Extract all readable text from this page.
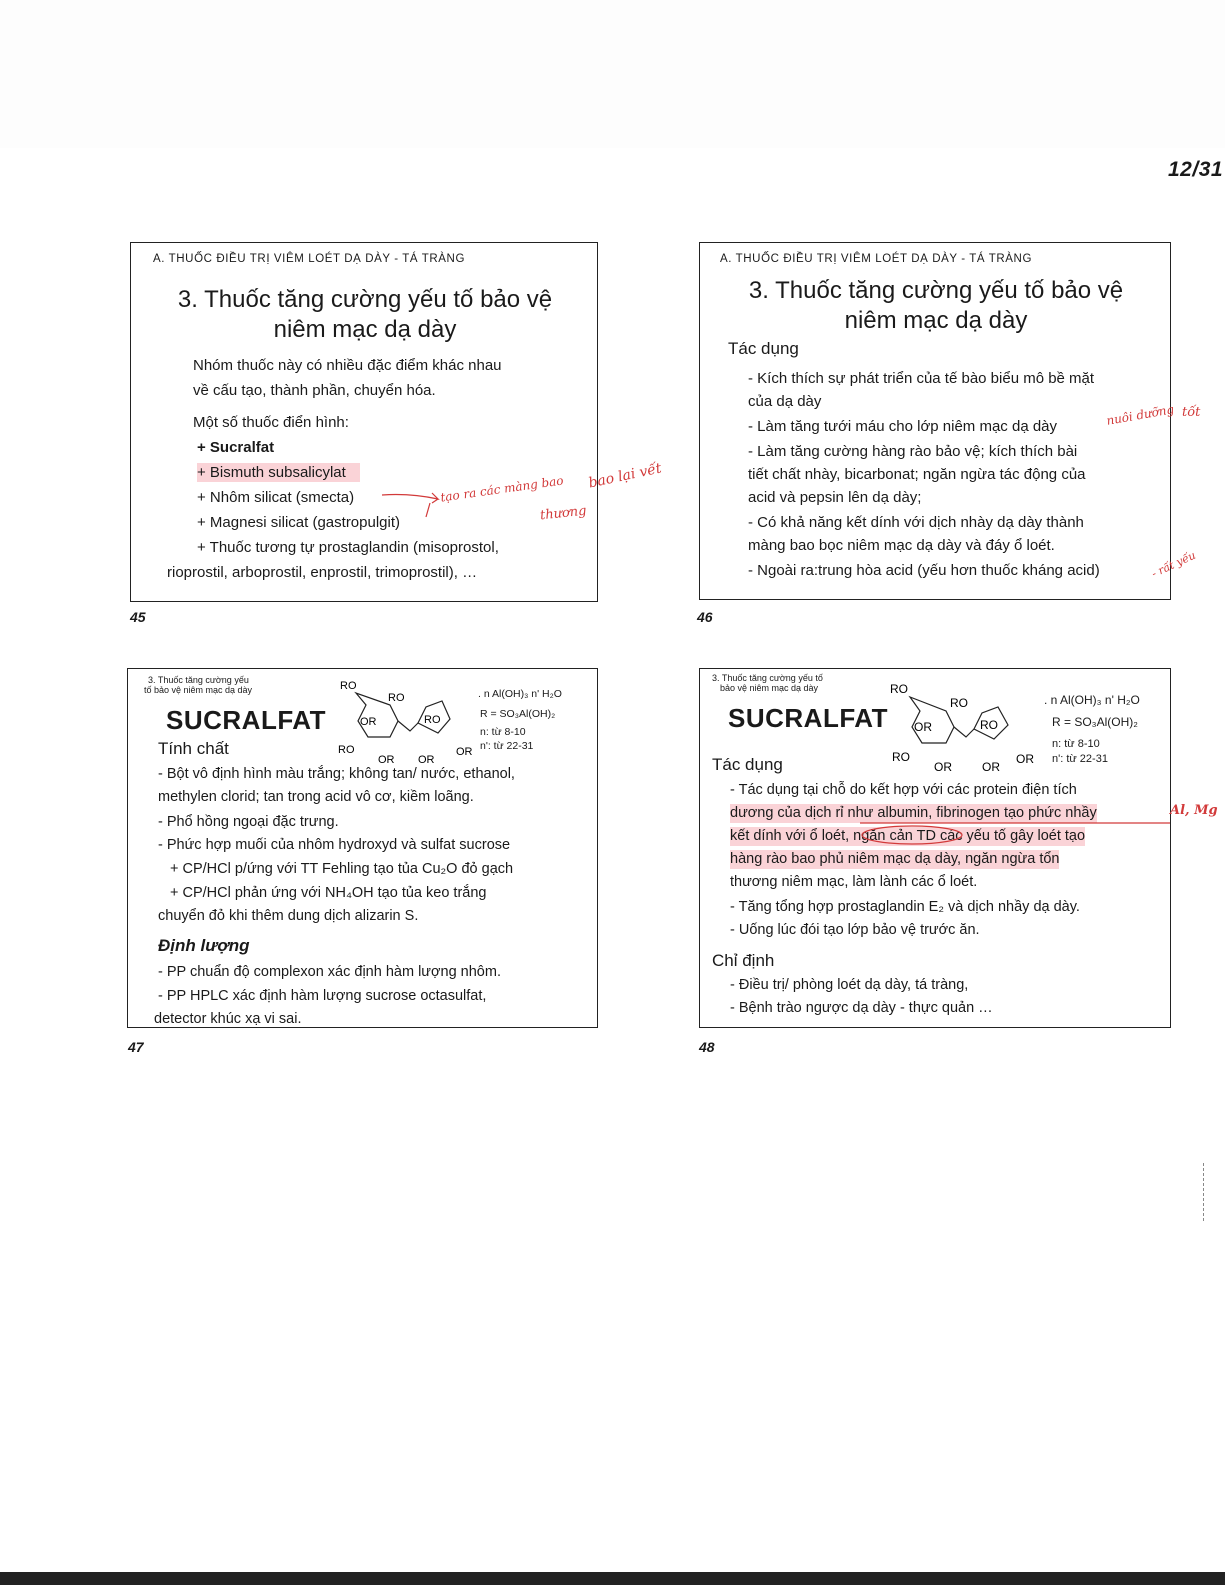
12/31
A. THUỐC ĐIỀU TRỊ VIÊM LOÉT DẠ DÀY - TÁ TRÀNG
3. Thuốc tăng cường yếu tố bảo vệ
niêm mạc dạ dày
Nhóm thuốc này có nhiều đặc điểm khác nhau
về cấu tạo, thành phần, chuyển hóa.
Một số thuốc điển hình:
+ Sucralfat
+ Bismuth subsalicylat
+ Nhôm silicat (smecta)
+ Magnesi silicat (gastropulgit)
+ Thuốc tương tự prostaglandin (misoprostol,
rioprostil, arboprostil, enprostil, trimoprostil), …
45
tạo ra các màng bao bao lại vết
thương
A. THUỐC ĐIỀU TRỊ VIÊM LOÉT DẠ DÀY - TÁ TRÀNG
3. Thuốc tăng cường yếu tố bảo vệ
niêm mạc dạ dày
Tác dụng
- Kích thích sự phát triển của tế bào biểu mô bề mặt
của dạ dày
- Làm tăng tưới máu cho lớp niêm mạc dạ dày
- Làm tăng cường hàng rào bảo vệ; kích thích bài
tiết chất nhày, bicarbonat; ngăn ngừa tác động của
acid và pepsin lên dạ dày;
- Có khả năng kết dính với dịch nhày dạ dày thành
màng bao bọc niêm mạc dạ dày và đáy ổ loét.
- Ngoài ra:trung hòa acid (yếu hơn thuốc kháng acid)
46
nuôi dưỡng tốt
- rất yếu
3. Thuốc tăng cường yếu
tố bảo vệ niêm mạc dạ dày
SUCRALFAT
RO
RO
OR	RO
RO
OR OR
OR
. n Al(OH)₃ n' H₂O
R = SO₃Al(OH)₂
n: từ 8-10
n': từ 22-31
Tính chất
- Bột vô định hình màu trắng; không tan/ nước, ethanol,
methylen clorid; tan trong acid vô cơ, kiềm loãng.
- Phổ hồng ngoại đặc trưng.
- Phức hợp muối của nhôm hydroxyd và sulfat sucrose
+ CP/HCl p/ứng với TT Fehling tạo tủa Cu₂O đỏ gạch
+ CP/HCl phản ứng với NH₄OH tạo tủa keo trắng
chuyển đỏ khi thêm dung dịch alizarin S.
Định lượng
- PP chuẩn độ complexon xác định hàm lượng nhôm.
- PP HPLC xác định hàm lượng sucrose octasulfat,
detector khúc xạ vi sai.
47
3. Thuốc tăng cường yếu tố
bảo vệ niêm mạc dạ dày
SUCRALFAT
RO
RO
OR	RO
RO
OR	OR
OR
. n Al(OH)₃ n' H₂O
R = SO₃Al(OH)₂
n: từ 8-10
n': từ 22-31
Tác dụng
- Tác dụng tại chỗ do kết hợp với các protein điện tích
dương của dịch rỉ như albumin, fibrinogen tạo phức nhầy
kết dính với ổ loét, ngăn cản TD các yếu tố gây loét tạo
hàng rào bao phủ niêm mạc dạ dày, ngăn ngừa tổn
thương niêm mạc, làm lành các ổ loét.
- Tăng tổng hợp prostaglandin E₂ và dịch nhầy dạ dày.
- Uống lúc đói tạo lớp bảo vệ trước ăn.
Chỉ định
- Điều trị/ phòng loét dạ dày, tá tràng,
- Bệnh trào ngược dạ dày - thực quản …
48
Al, Mg
